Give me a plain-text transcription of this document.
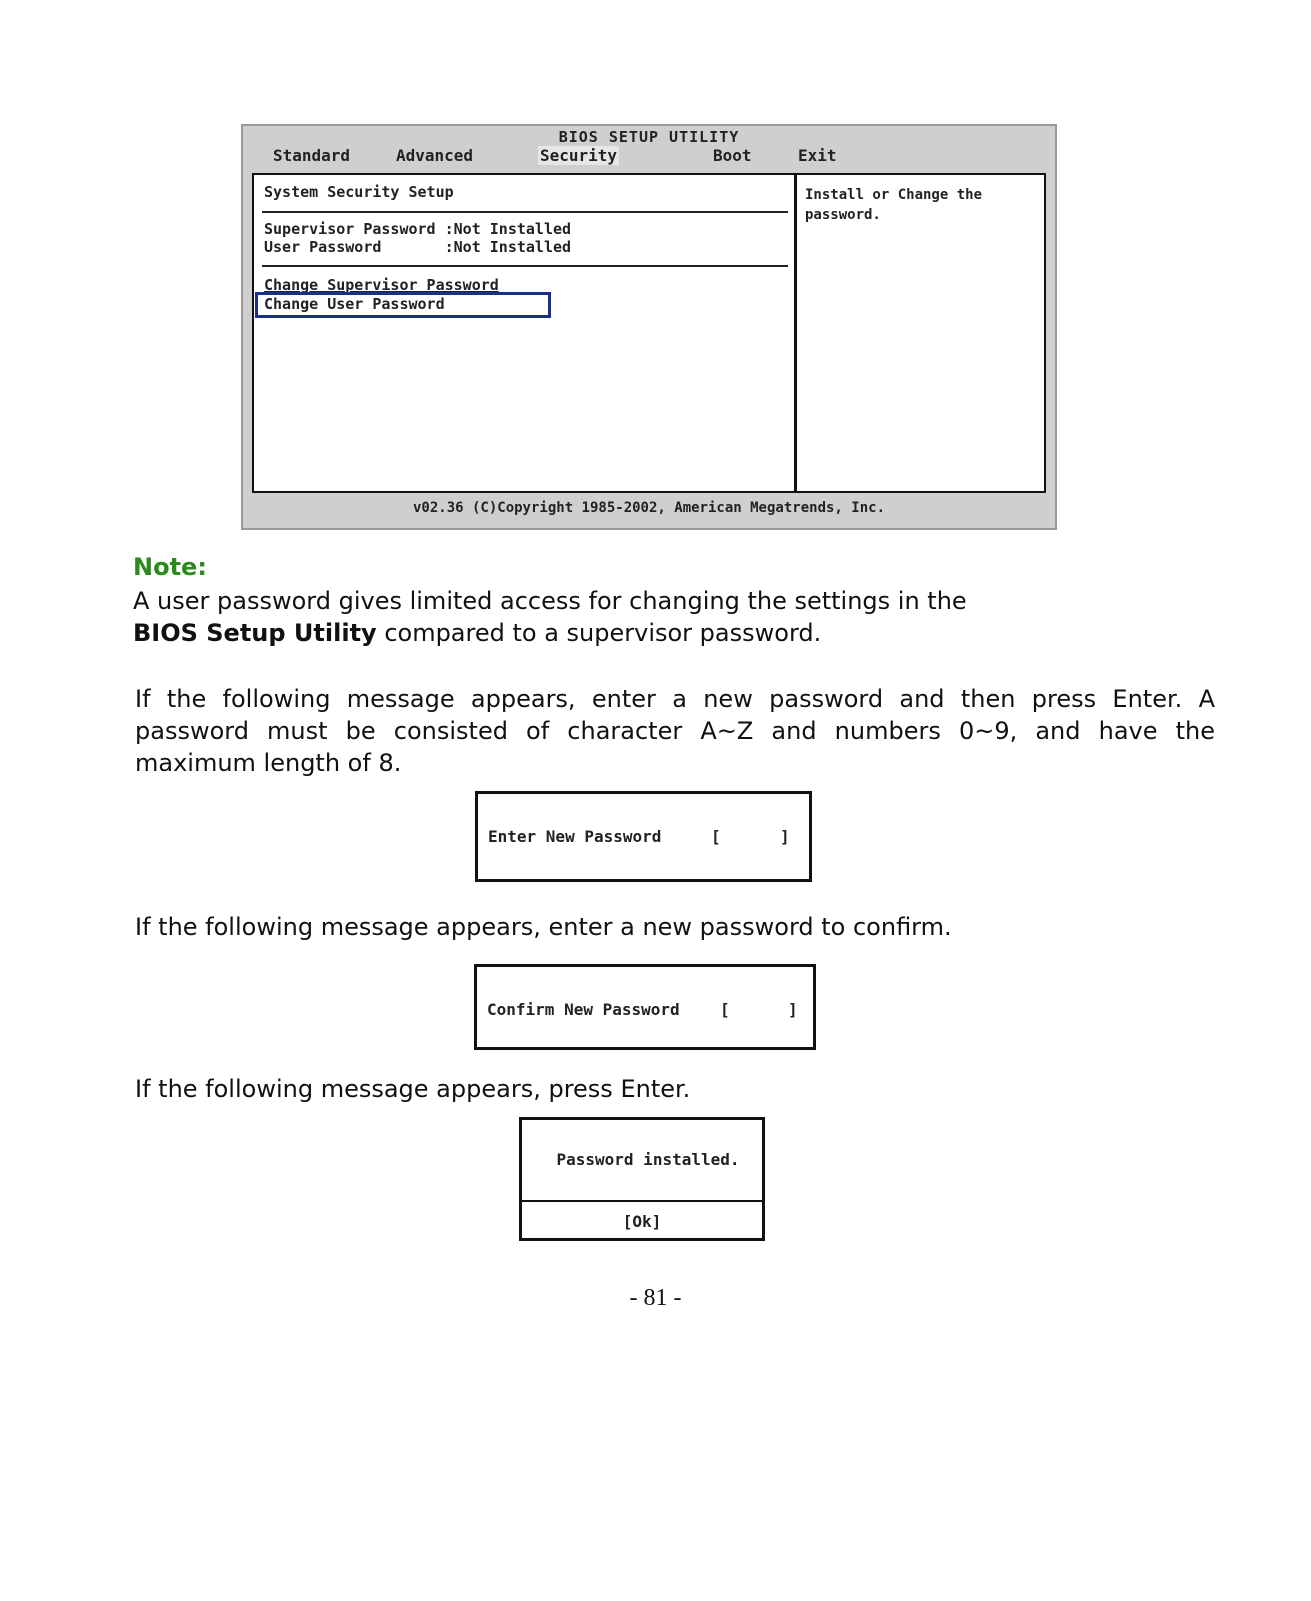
BIOS SETUP UTILITY
Standard	Advanced	Security	Boot	Exit
System Security Setup
Supervisor Password :Not Installed
User Password       :Not Installed
Change Supervisor Password
Change User Password
Install or Change the password.
v02.36 (C)Copyright 1985-2002, American Megatrends, Inc.
Note:
A user password gives limited access for changing the settings in the
BIOS Setup Utility compared to a supervisor password.
If the following message appears, enter a new password and then press Enter. A password must be consisted of character A~Z and numbers 0~9, and have the maximum length of 8.
Enter New Password	[	]
If the following message appears, enter a new password to confirm.
Confirm New Password	[	]
If the following message appears, press Enter.
Password installed.
[Ok]
- 81 -
